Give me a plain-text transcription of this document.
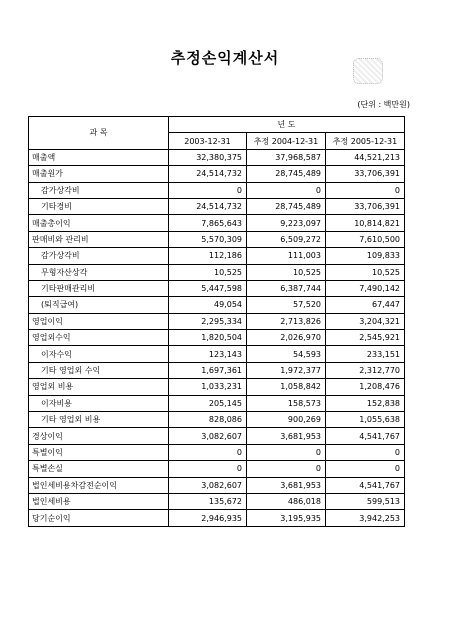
추정손익계산서
(단위 : 백만원)
과 목	년 도		
	2003-12-31	추정 2004-12-31	추정 2005-12-31
매출액	32,380,375	37,968,587	44,521,213
매출원가	24,514,732	28,745,489	33,706,391
감가상각비	0	0	0
기타경비	24,514,732	28,745,489	33,706,391
매출총이익	7,865,643	9,223,097	10,814,821
판매비와 관리비	5,570,309	6,509,272	7,610,500
감가상각비	112,186	111,003	109,833
무형자산상각	10,525	10,525	10,525
기타판매관리비	5,447,598	6,387,744	7,490,142
(퇴직급여)	49,054	57,520	67,447
영업이익	2,295,334	2,713,826	3,204,321
영업외수익	1,820,504	2,026,970	2,545,921
이자수익	123,143	54,593	233,151
기타 영업외 수익	1,697,361	1,972,377	2,312,770
영업외 비용	1,033,231	1,058,842	1,208,476
이자비용	205,145	158,573	152,838
기타 영업외 비용	828,086	900,269	1,055,638
경상이익	3,082,607	3,681,953	4,541,767
특별이익	0	0	0
특별손실	0	0	0
법인세비용차감전순이익	3,082,607	3,681,953	4,541,767
법인세비용	135,672	486,018	599,513
당기순이익	2,946,935	3,195,935	3,942,253
